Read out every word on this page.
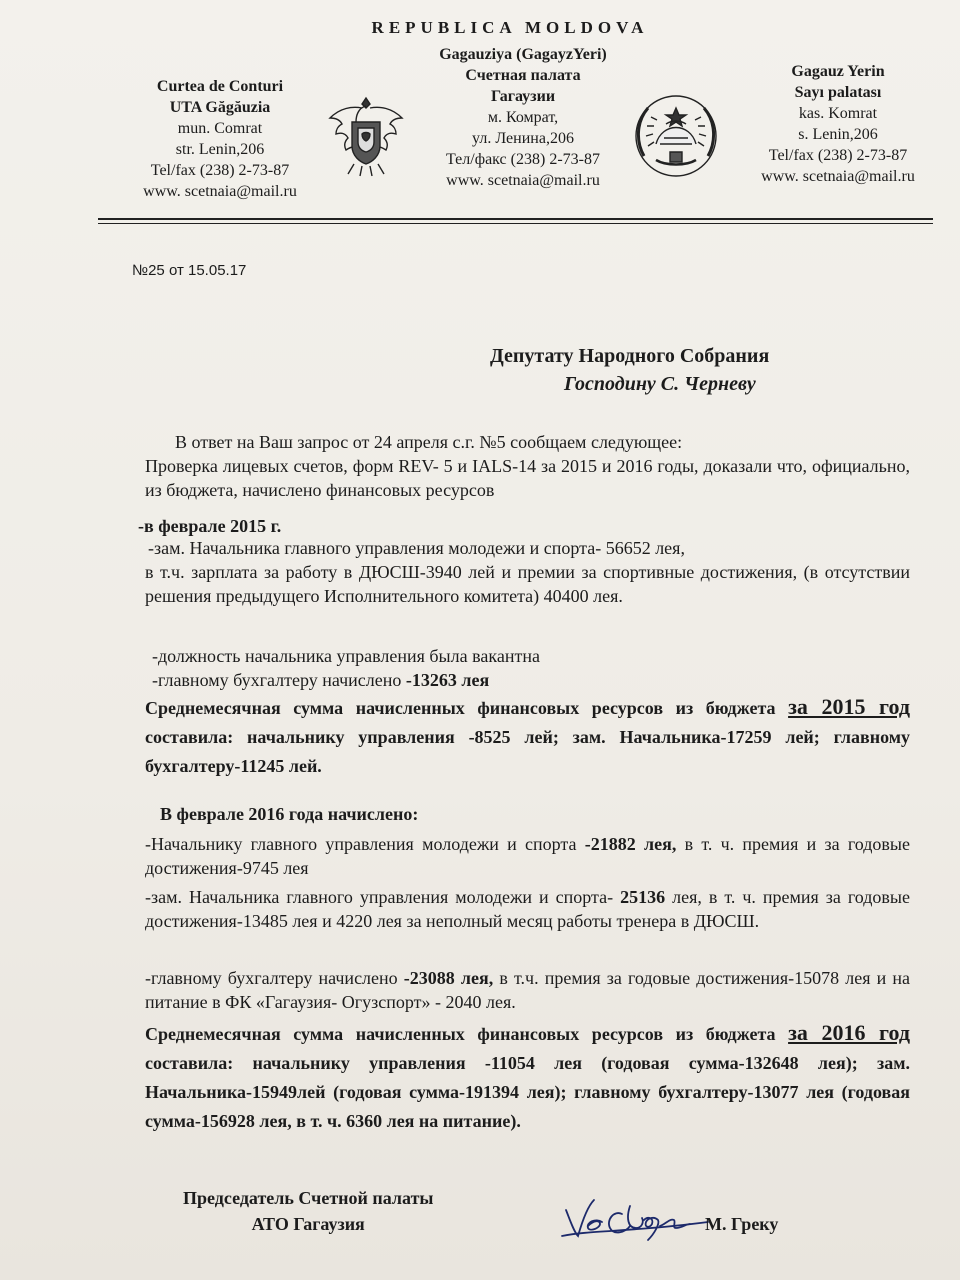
REPUBLICA MOLDOVA
Curtea de Conturi
UTA Găgăuzia
mun. Comrat
str. Lenin,206
Tel/fax (238) 2-73-87
www. scetnaia@mail.ru
Gagauziya (GagayzYeri)
Счетная палата
Гагаузии
м. Комрат,
ул. Ленина,206
Тел/факс (238) 2-73-87
www. scetnaia@mail.ru
Gagauz Yerin
Sayı palatası
kas. Komrat
s. Lenin,206
Tel/fax (238) 2-73-87
www. scetnaia@mail.ru
№25 от 15.05.17
Депутату Народного Собрания
Господину С. Черневу
В ответ на Ваш запрос от 24 апреля с.г. №5 сообщаем следующее:
Проверка лицевых счетов, форм REV- 5 и IALS-14 за 2015 и 2016 годы, доказали что, официально, из бюджета, начислено финансовых ресурсов
-в феврале 2015 г.
-зам. Начальника главного управления молодежи и спорта- 56652 лея,
в т.ч. зарплата за работу в ДЮСШ-3940 лей и премии за спортивные достижения, (в отсутствии решения предыдущего Исполнительного комитета) 40400 лея.
-должность начальника управления была вакантна
-главному бухгалтеру начислено -13263 лея
Среднемесячная сумма начисленных финансовых ресурсов из бюджета за 2015 год составила: начальнику управления -8525 лей; зам. Начальника-17259 лей; главному бухгалтеру-11245 лей.
В феврале 2016 года начислено:
-Начальнику главного управления молодежи и спорта -21882 лея, в т. ч. премия и за годовые достижения-9745 лея
-зам. Начальника главного управления молодежи и спорта- 25136 лея, в т. ч. премия за годовые достижения-13485 лея и 4220 лея за неполный месяц работы тренера в ДЮСШ.
-главному бухгалтеру начислено -23088 лея, в т.ч. премия за годовые достижения-15078 лея и на питание в ФК «Гагаузия- Огузспорт» - 2040 лея.
Среднемесячная сумма начисленных финансовых ресурсов из бюджета за 2016 год составила: начальнику управления -11054 лея (годовая сумма-132648 лея); зам. Начальника-15949лей (годовая сумма-191394 лея); главному бухгалтеру-13077 лея (годовая сумма-156928 лея, в т. ч. 6360 лея на питание).
Председатель Счетной палаты
АТО Гагаузия	М. Греку
